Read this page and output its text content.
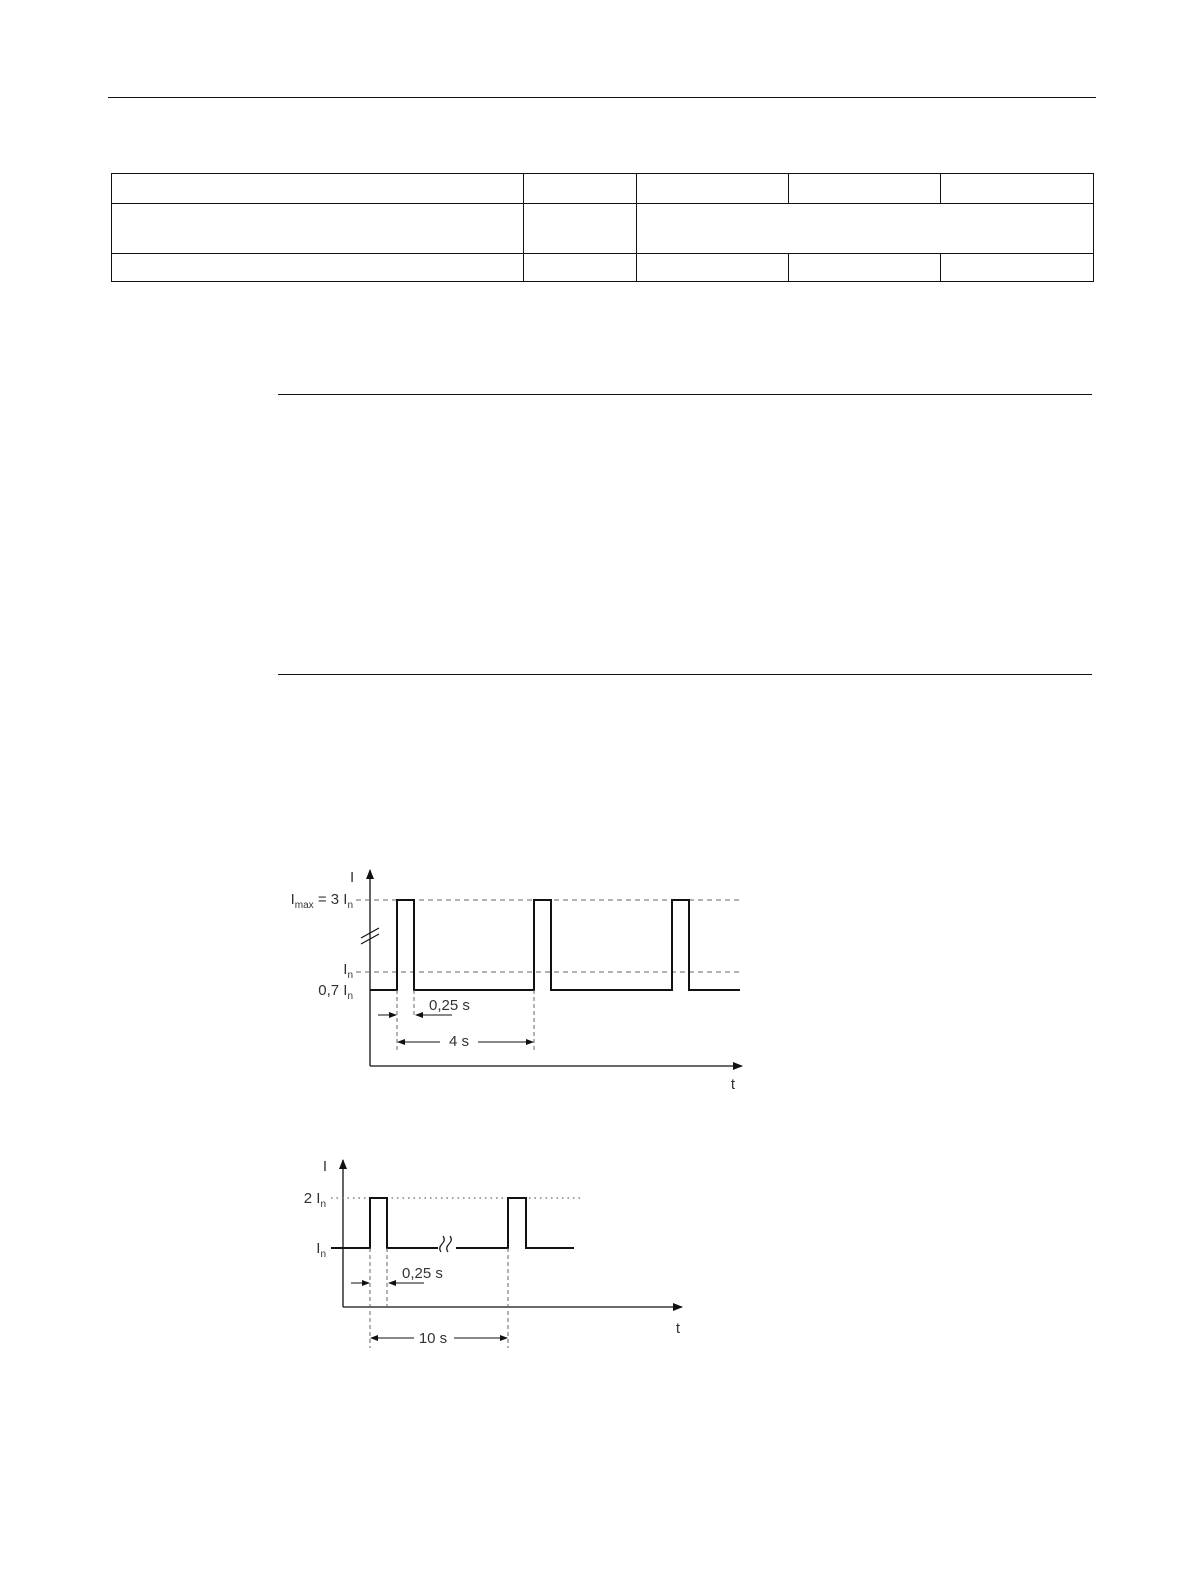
I
t
$I_{max} = 3$ $I_n$
$I_n$
0,7 $I_n$
0,25 s
4 s
I
t
2 $I_n$
$I_n$
0,25 s
10 s
